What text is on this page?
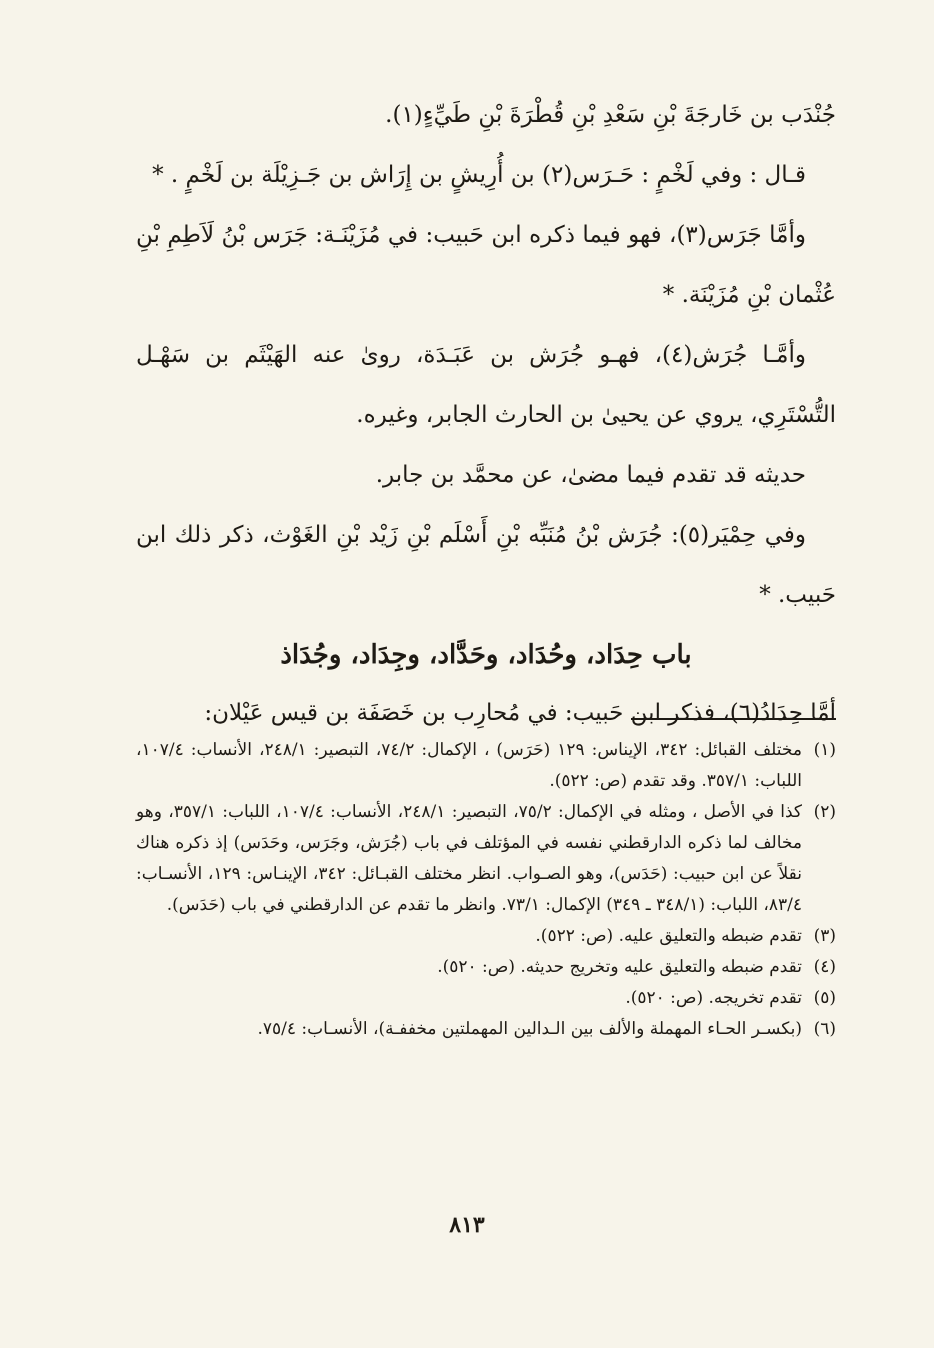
جُنْدَب بن خَارجَةَ بْنِ سَعْدِ بْنِ قُطْرَةَ بْنِ طَيِّءٍ(١).

قـال : وفي لَخْمٍ : حَـرَس(٢) بن أُرِيشٍ بن إِرَاش بن جَـزِيْلَة بن لَخْمٍ . *

وأمَّا جَرَس(٣)، فهو فيما ذكره ابن حَبيب: في مُزَيْنَـة: جَرَس بْنُ لَاَطِمِ بْنِ عُثْمان بْنِ مُزَيْنَة. *

وأمَّـا جُرَش(٤)، فهـو جُرَش بن عَبَـدَة، روىٰ عنه الهَيْثَم بن سَهْـل التُّسْتَرِي، يروي عن يحيىٰ بن الحارث الجابر، وغيره.

حديثه قد تقدم فيما مضىٰ، عن محمَّد بن جابر.

وفي حِمْيَر(٥): جُرَش بْنُ مُنَبِّه بْنِ أَسْلَم بْنِ زَيْد بْنِ الغَوْث، ذكر ذلك ابن حَبيب. *

باب حِدَاد، وحُدَاد، وحَدَّاد، وجِدَاد، وجُدَاذ

أمَّا حِدَادُ(٦)، فذكر ابن حَبيب: في مُحارِب بن خَصَفَة بن قيس عَيْلان:

(١)
مختلف القبائل: ٣٤٢، الإيناس: ١٢٩ (حَرَس) ، الإكمال: ٧٤/٢، التبصير: ٢٤٨/١، الأنساب: ١٠٧/٤، اللباب: ٣٥٧/١. وقد تقدم (ص: ٥٢٢).
(٢)
كذا في الأصل ، ومثله في الإكمال: ٧٥/٢، التبصير: ٢٤٨/١، الأنساب: ١٠٧/٤، اللباب: ٣٥٧/١، وهو مخالف لما ذكره الدارقطني نفسه في المؤتلف في باب (جُرَش، وجَرَس، وحَدَس) إذ ذكره هناك نقلاً عن ابن حبيب: (حَدَس)، وهو الصـواب. انظر مختلف القبـائل: ٣٤٢، الإينـاس: ١٢٩، الأنسـاب: ٨٣/٤، اللباب: (٣٤٨/١ ـ ٣٤٩) الإكمال: ٧٣/١. وانظر ما تقدم عن الدارقطني في باب (حَدَس).
(٣)
تقدم ضبطه والتعليق عليه. (ص: ٥٢٢).
(٤)
تقدم ضبطه والتعليق عليه وتخريج حديثه. (ص: ٥٢٠).
(٥)
تقدم تخريجه. (ص: ٥٢٠).
(٦)
(بكسـر الحـاء المهملة والألف بين الـدالين المهملتين مخففـة)، الأنسـاب: ٧٥/٤.
٨١٣
